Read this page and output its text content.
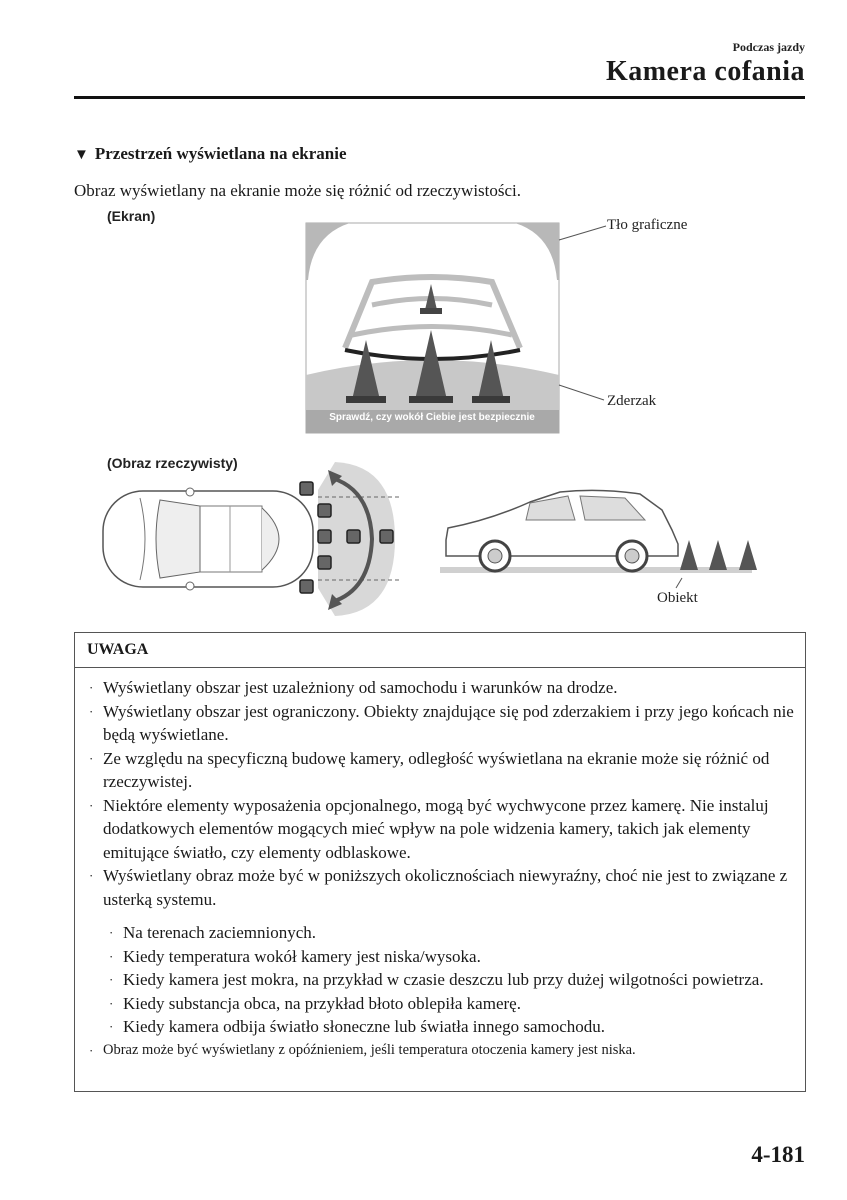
Podczas jazdy
Kamera cofania
▼ Przestrzeń wyświetlana na ekranie
Obraz wyświetlany na ekranie może się różnić od rzeczywistości.
(Ekran)
(Obraz rzeczywisty)
Sprawdź, czy wokół Ciebie jest bezpiecznie
Tło graficzne
Zderzak
Obiekt
UWAGA
· Wyświetlany obszar jest uzależniony od samochodu i warunków na drodze.
· Wyświetlany obszar jest ograniczony. Obiekty znajdujące się pod zderzakiem i przy jego końcach nie będą wyświetlane.
· Ze względu na specyficzną budowę kamery, odległość wyświetlana na ekranie może się różnić od rzeczywistej.
· Niektóre elementy wyposażenia opcjonalnego, mogą być wychwycone przez kamerę. Nie instaluj dodatkowych elementów mogących mieć wpływ na pole widzenia kamery, takich jak elementy emitujące światło, czy elementy odblaskowe.
· Wyświetlany obraz może być w poniższych okolicznościach niewyraźny, choć nie jest to związane z usterką systemu.
· Na terenach zaciemnionych.
· Kiedy temperatura wokół kamery jest niska/wysoka.
· Kiedy kamera jest mokra, na przykład w czasie deszczu lub przy dużej wilgotności powietrza.
· Kiedy substancja obca, na przykład błoto oblepiła kamerę.
· Kiedy kamera odbija światło słoneczne lub światła innego samochodu.
· Obraz może być wyświetlany z opóźnieniem, jeśli temperatura otoczenia kamery jest niska.
4-181
